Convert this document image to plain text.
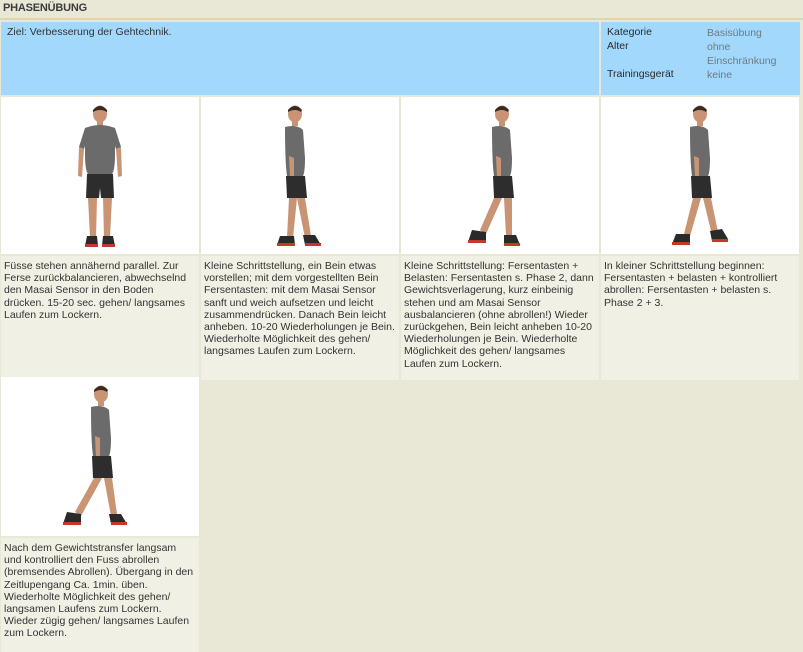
PHASENÜBUNG
Ziel: Verbesserung der Gehtechnik.	Kategorie	Basisübung
Alter	ohne Einschränkung
Trainingsgerät	keine
Füsse stehen annähernd parallel. Zur Ferse zurückbalancieren, abwechselnd den Masai Sensor in den Boden drücken. 15-20 sec. gehen/ langsames Laufen zum Lockern.
Kleine Schrittstellung, ein Bein etwas vorstellen; mit dem vorgestellten Bein Fersentasten: mit dem Masai Sensor sanft und weich aufsetzen und leicht zusammendrücken. Danach Bein leicht anheben. 10-20 Wiederholungen je Bein. Wiederholte Möglichkeit des gehen/ langsames Laufen zum Lockern.
Kleine Schrittstellung: Fersentasten + Belasten: Fersentasten s. Phase 2, dann Gewichtsverlagerung, kurz einbeinig stehen und am Masai Sensor ausbalancieren (ohne abrollen!) Wieder zurückgehen, Bein leicht anheben 10-20 Wiederholungen je Bein. Wiederholte Möglichkeit des gehen/ langsames Laufen zum Lockern.
In kleiner Schrittstellung beginnen: Fersentasten + belasten + kontrolliert abrollen: Fersentasten + belasten s. Phase 2 + 3.
Nach dem Gewichtstransfer langsam und kontrolliert den Fuss abrollen (bremsendes Abrollen). Übergang in den Zeitlupengang Ca. 1min. üben. Wiederholte Möglichkeit des gehen/ langsamen Laufens zum Lockern. Wieder zügig gehen/ langsames Laufen zum Lockern.
